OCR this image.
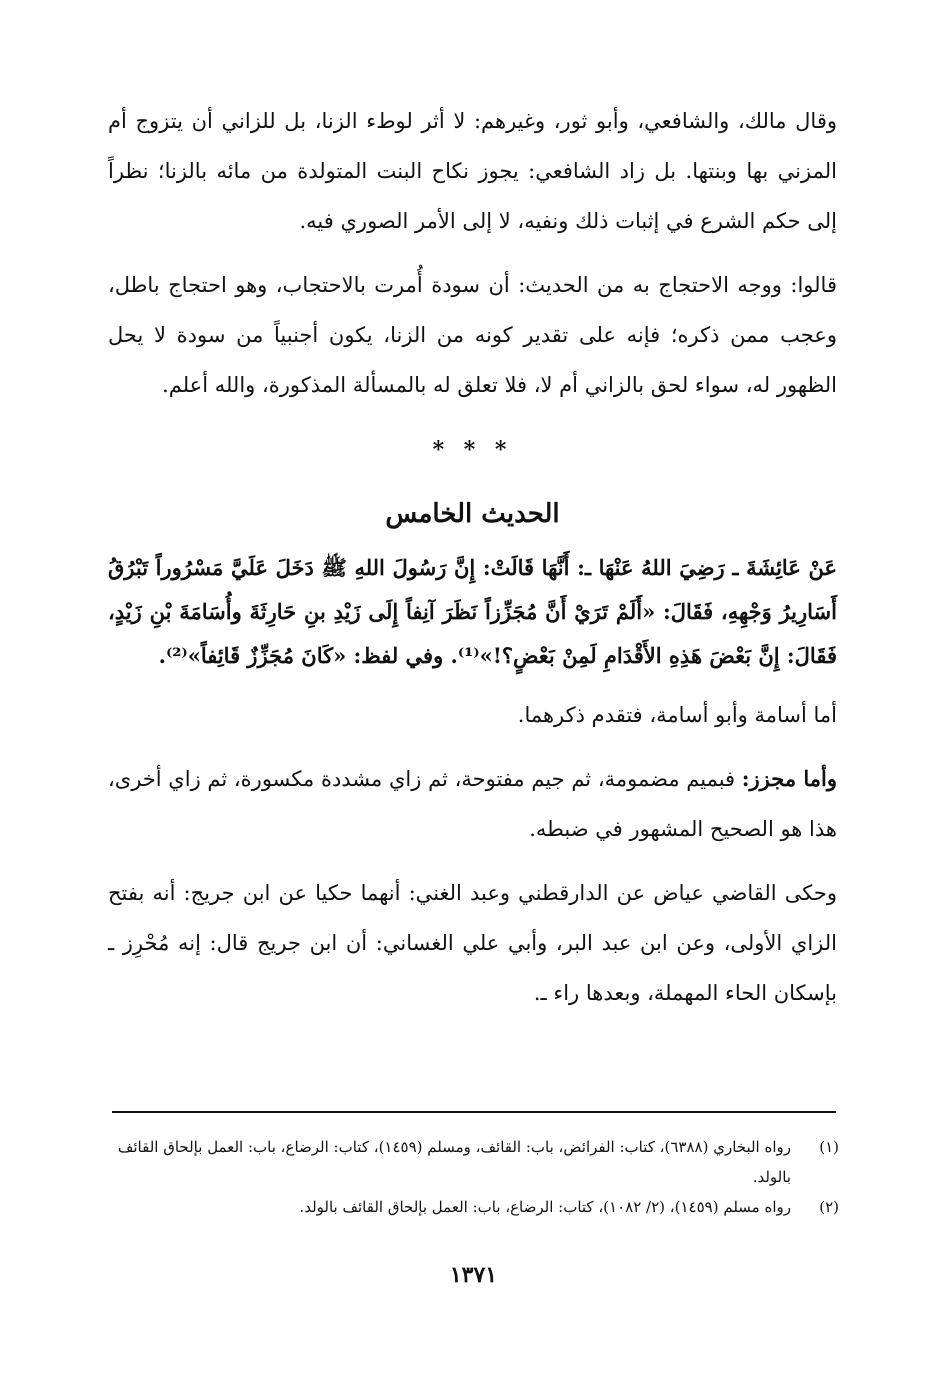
وقال مالك، والشافعي، وأبو ثور، وغيرهم: لا أثر لوطء الزنا، بل للزاني أن يتزوج أم المزني بها وبنتها. بل زاد الشافعي: يجوز نكاح البنت المتولدة من مائه بالزنا؛ نظراً إلى حكم الشرع في إثبات ذلك ونفيه، لا إلى الأمر الصوري فيه.

قالوا: ووجه الاحتجاج به من الحديث: أن سودة أُمرت بالاحتجاب، وهو احتجاج باطل، وعجب ممن ذكره؛ فإنه على تقدير كونه من الزنا، يكون أجنبياً من سودة لا يحل الظهور له، سواء لحق بالزاني أم لا، فلا تعلق له بالمسألة المذكورة، والله أعلم.

* * *
الحديث الخامس

عَنْ عَائِشَةَ ـ رَضِيَ اللهُ عَنْهَا ـ: أَنَّهَا قَالَتْ: إِنَّ رَسُولَ اللهِ ﷺ دَخَلَ عَلَيَّ مَسْرُوراً تَبْرُقُ أَسَارِيرُ وَجْهِهِ، فَقَالَ: «أَلَمْ تَرَيْ أَنَّ مُجَزِّزاً نَظَرَ آنِفاً إِلَى زَيْدِ بنِ حَارِثَةَ وأُسَامَةَ بْنِ زَيْدٍ، فَقَالَ: إِنَّ بَعْضَ هَذِهِ الأَقْدَامِ لَمِنْ بَعْضٍ؟!»⁽¹⁾. وفي لفظ: «كَانَ مُجَزِّزٌ قَائِفاً»⁽²⁾.

أما أسامة وأبو أسامة، فتقدم ذكرهما.

وأما مجزز: فبميم مضمومة، ثم جيم مفتوحة، ثم زاي مشددة مكسورة، ثم زاي أخرى، هذا هو الصحيح المشهور في ضبطه.

وحكى القاضي عياض عن الدارقطني وعبد الغني: أنهما حكيا عن ابن جريج: أنه بفتح الزاي الأولى، وعن ابن عبد البر، وأبي علي الغساني: أن ابن جريج قال: إنه مُحْرِز ـ بإسكان الحاء المهملة، وبعدها راء ـ.

(١)
رواه البخاري (٦٣٨٨)، كتاب: الفرائض، باب: القائف، ومسلم (١٤٥٩)، كتاب: الرضاع، باب: العمل بإلحاق القائف بالولد.
(٢)
رواه مسلم (١٤٥٩)، (٢/ ١٠٨٢)، كتاب: الرضاع، باب: العمل بإلحاق القائف بالولد.
١٣٧١
